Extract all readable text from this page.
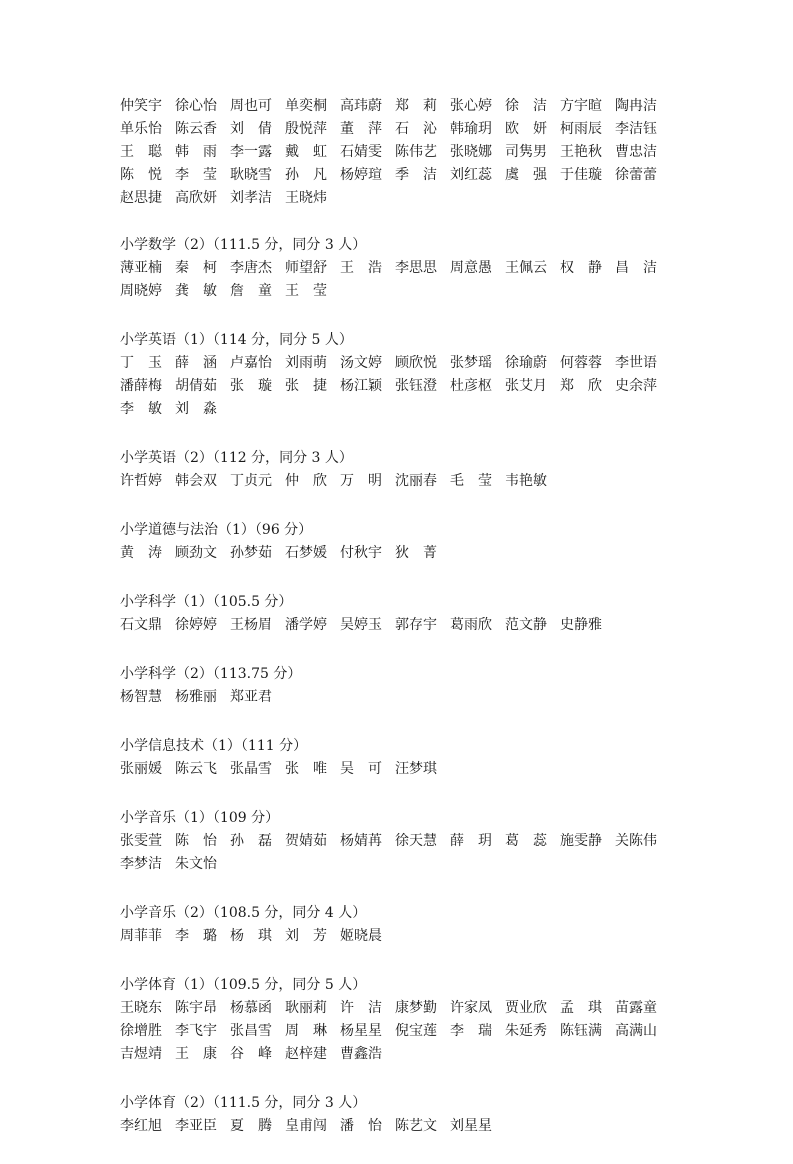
仲笑宇 徐心怡 周也可 单奕桐 高玮蔚 郑　莉 张心婷 徐　洁 方宇暄 陶冉洁
单乐怡 陈云香 刘　倩 殷悦萍 董　萍 石　沁 韩瑜玥 欧　妍 柯雨辰 李洁钰
王　聪 韩　雨 李一露 戴　虹 石婧雯 陈伟艺 张晓娜 司隽男 王艳秋 曹忠洁
陈　悦 李　莹 耿晓雪 孙　凡 杨婷瑄 季　洁 刘红蕊 虞　强 于佳璇 徐蕾蕾
赵思捷 高欣妍 刘孝洁 王晓炜
小学数学（2）（111.5 分，同分 3 人）
薄亚楠 秦　柯 李唐杰 师望舒 王　浩 李思思 周意愚 王佩云 权　静 昌　洁
周晓婷 龚　敏 詹　童 王　莹
小学英语（1）（114 分，同分 5 人）
丁　玉 薛　涵 卢嘉怡 刘雨萌 汤文婷 顾欣悦 张梦瑶 徐瑜蔚 何蓉蓉 李世语
潘薛梅 胡倩茹 张　璇 张　捷 杨江颖 张钰澄 杜彦枢 张艾月 郑　欣 史余萍
李　敏 刘　淼
小学英语（2）（112 分，同分 3 人）
许哲婷 韩会双 丁贞元 仲　欣 万　明 沈丽春 毛　莹 韦艳敏
小学道德与法治（1）（96 分）
黄　涛 顾劲文 孙梦茹 石梦媛 付秋宇 狄　菁
小学科学（1）（105.5 分）
石文鼎 徐婷婷 王杨眉 潘学婷 吴婷玉 郭存宇 葛雨欣 范文静 史静雅
小学科学（2）（113.75 分）
杨智慧 杨雅丽 郑亚君
小学信息技术（1）（111 分）
张丽媛 陈云飞 张晶雪 张　唯 吴　可 汪梦琪
小学音乐（1）（109 分）
张雯萱 陈　怡 孙　磊 贺婧茹 杨婧苒 徐天慧 薛　玥 葛　蕊 施雯静 关陈伟
李梦洁 朱文怡
小学音乐（2）（108.5 分，同分 4 人）
周菲菲 李　璐 杨　琪 刘　芳 姬晓晨
小学体育（1）（109.5 分，同分 5 人）
王晓东 陈宇昂 杨慕函 耿丽莉 许　洁 康梦勤 许家凤 贾业欣 孟　琪 苗露童
徐增胜 李飞宇 张昌雪 周　琳 杨星星 倪宝莲 李　瑞 朱延秀 陈钰满 高满山
吉煜靖 王　康 谷　峰 赵梓建 曹鑫浩
小学体育（2）（111.5 分，同分 3 人）
李红旭 李亚臣 夏　腾 皇甫闯 潘　怡 陈艺文 刘星星
